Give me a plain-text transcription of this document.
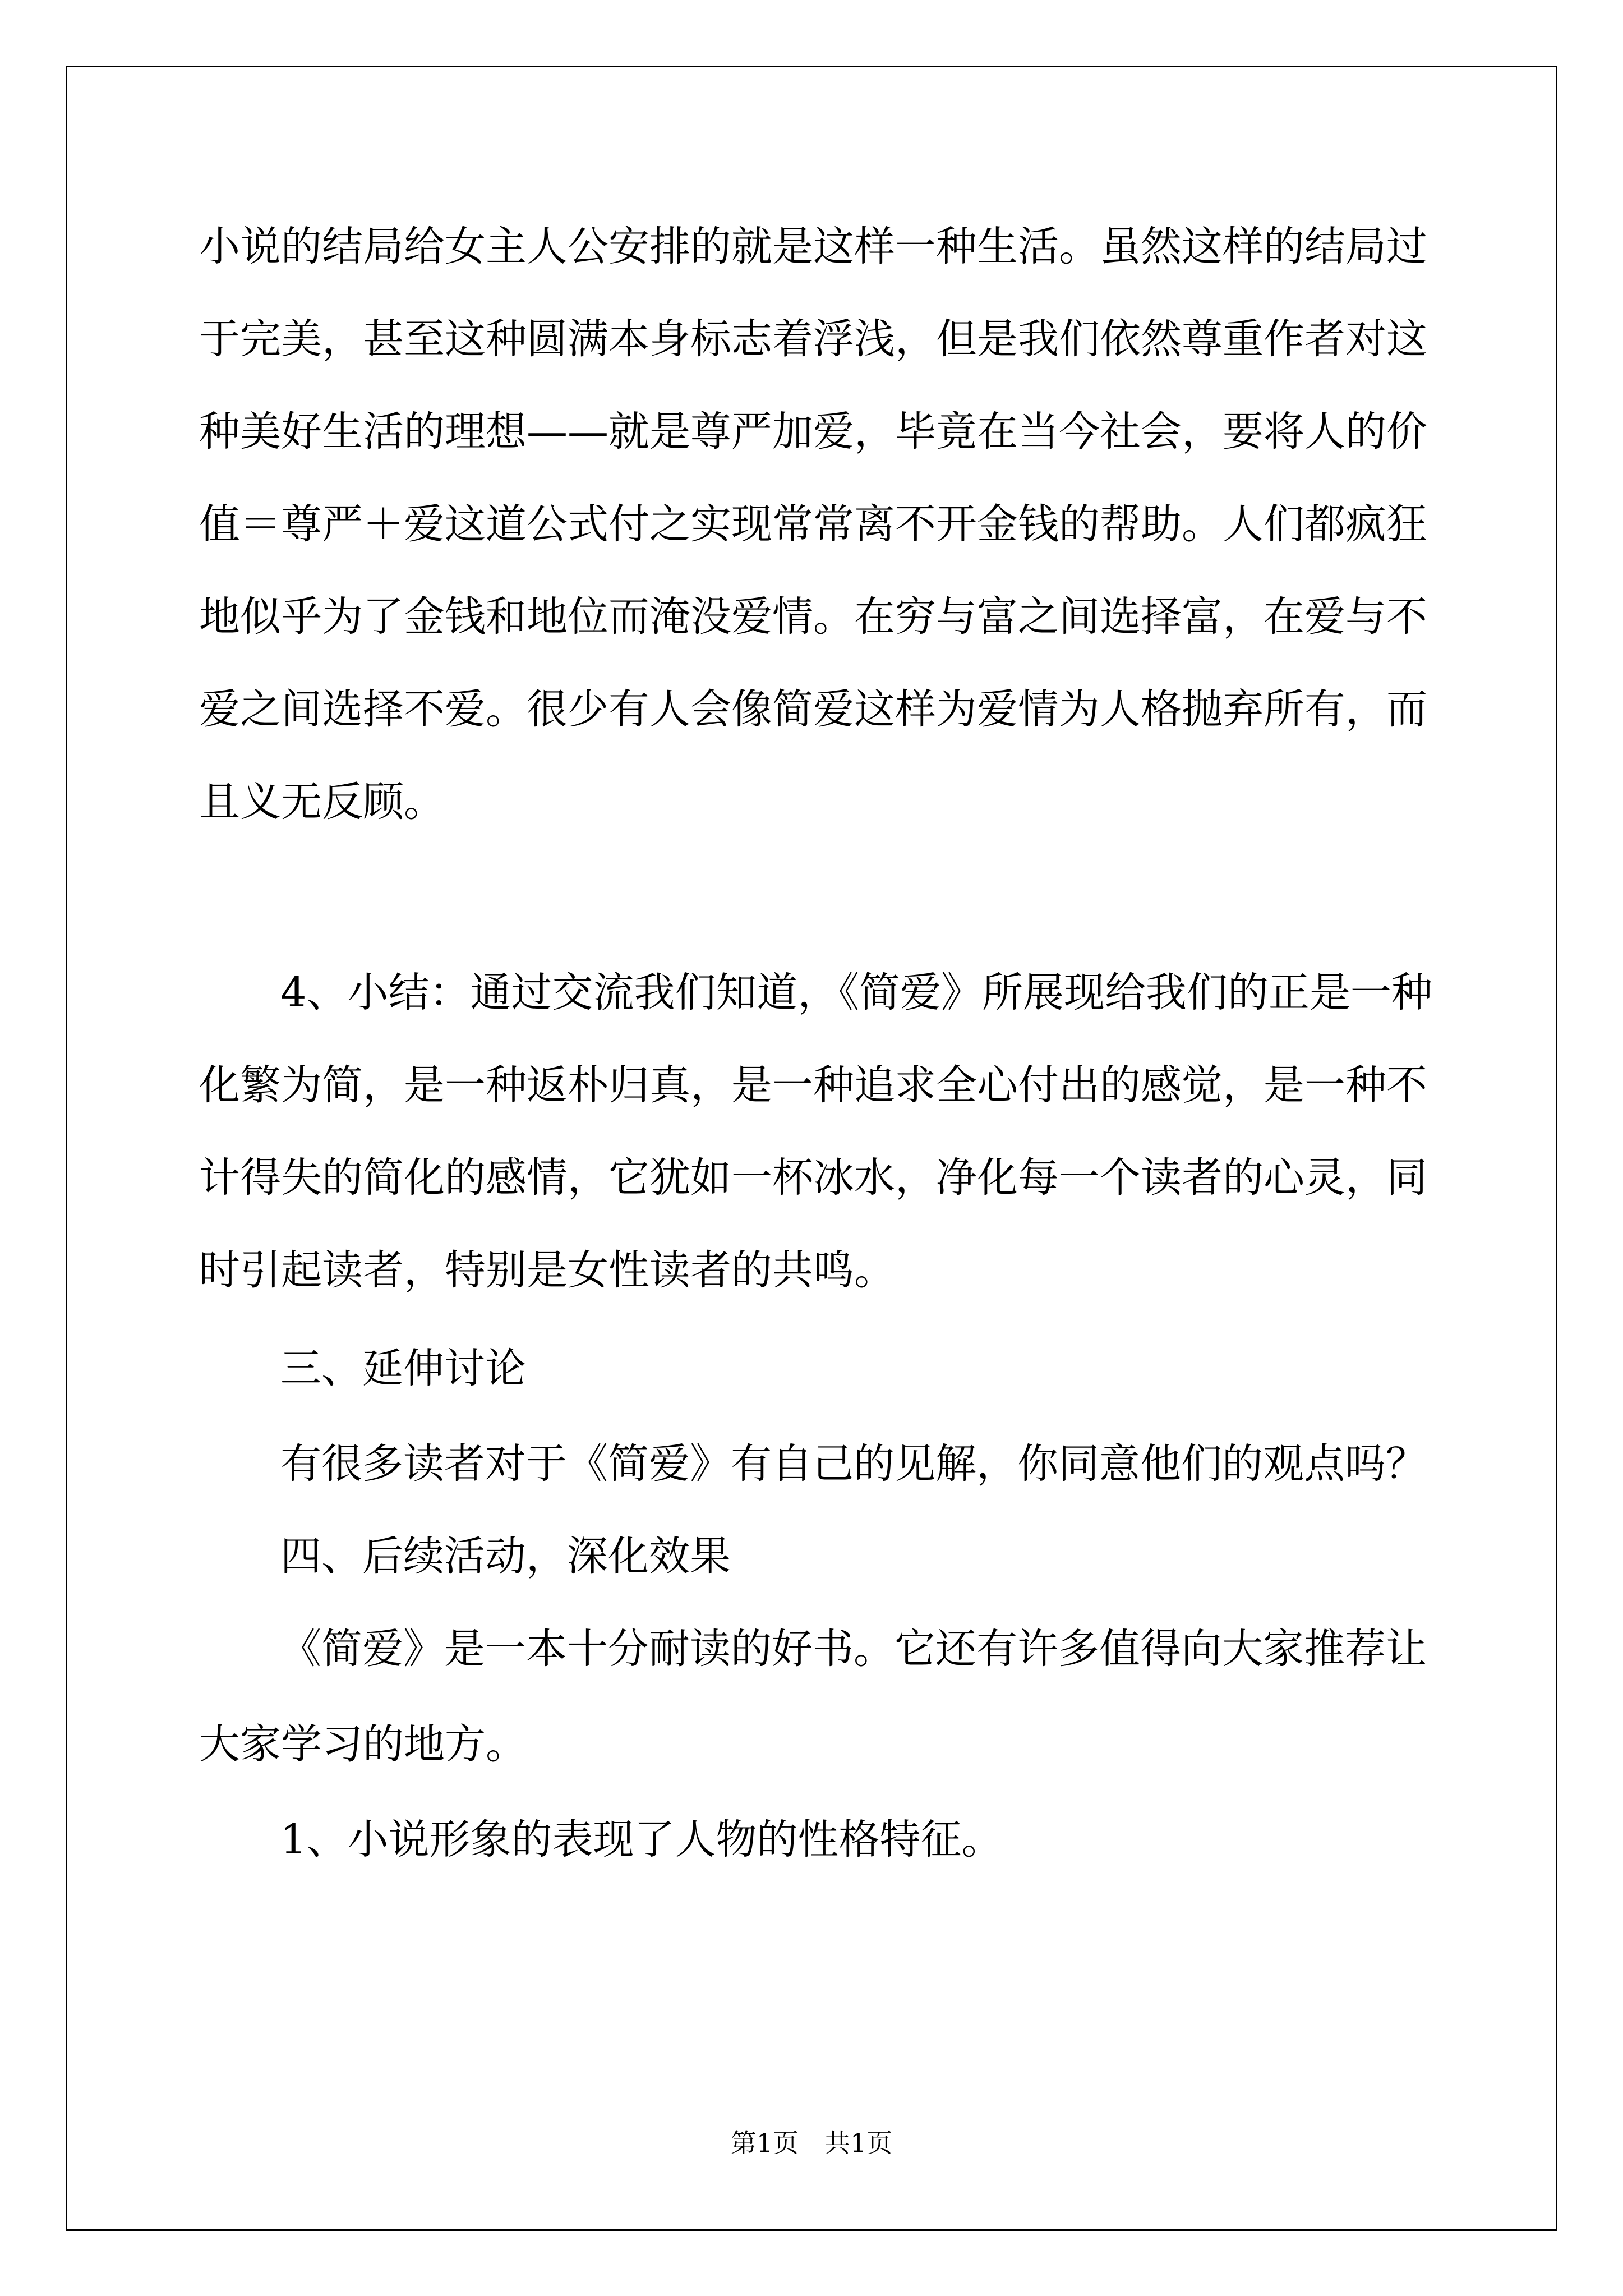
小说的结局给女主人公安排的就是这样一种生活。虽然这样的结局过
于完美，甚至这种圆满本身标志着浮浅，但是我们依然尊重作者对这
种美好生活的理想——就是尊严加爱，毕竟在当今社会，要将人的价
值＝尊严＋爱这道公式付之实现常常离不开金钱的帮助。人们都疯狂
地似乎为了金钱和地位而淹没爱情。在穷与富之间选择富，在爱与不
爱之间选择不爱。很少有人会像简爱这样为爱情为人格抛弃所有，而
且义无反顾。
4、小结：通过交流我们知道，《简爱》所展现给我们的正是一种
化繁为简，是一种返朴归真，是一种追求全心付出的感觉，是一种不
计得失的简化的感情，它犹如一杯冰水，净化每一个读者的心灵，同
时引起读者，特别是女性读者的共鸣。
三、延伸讨论
有很多读者对于《简爱》有自己的见解，你同意他们的观点吗？
四、后续活动，深化效果
《简爱》是一本十分耐读的好书。它还有许多值得向大家推荐让
大家学习的地方。
1、小说形象的表现了人物的性格特征。
第1页　共1页
